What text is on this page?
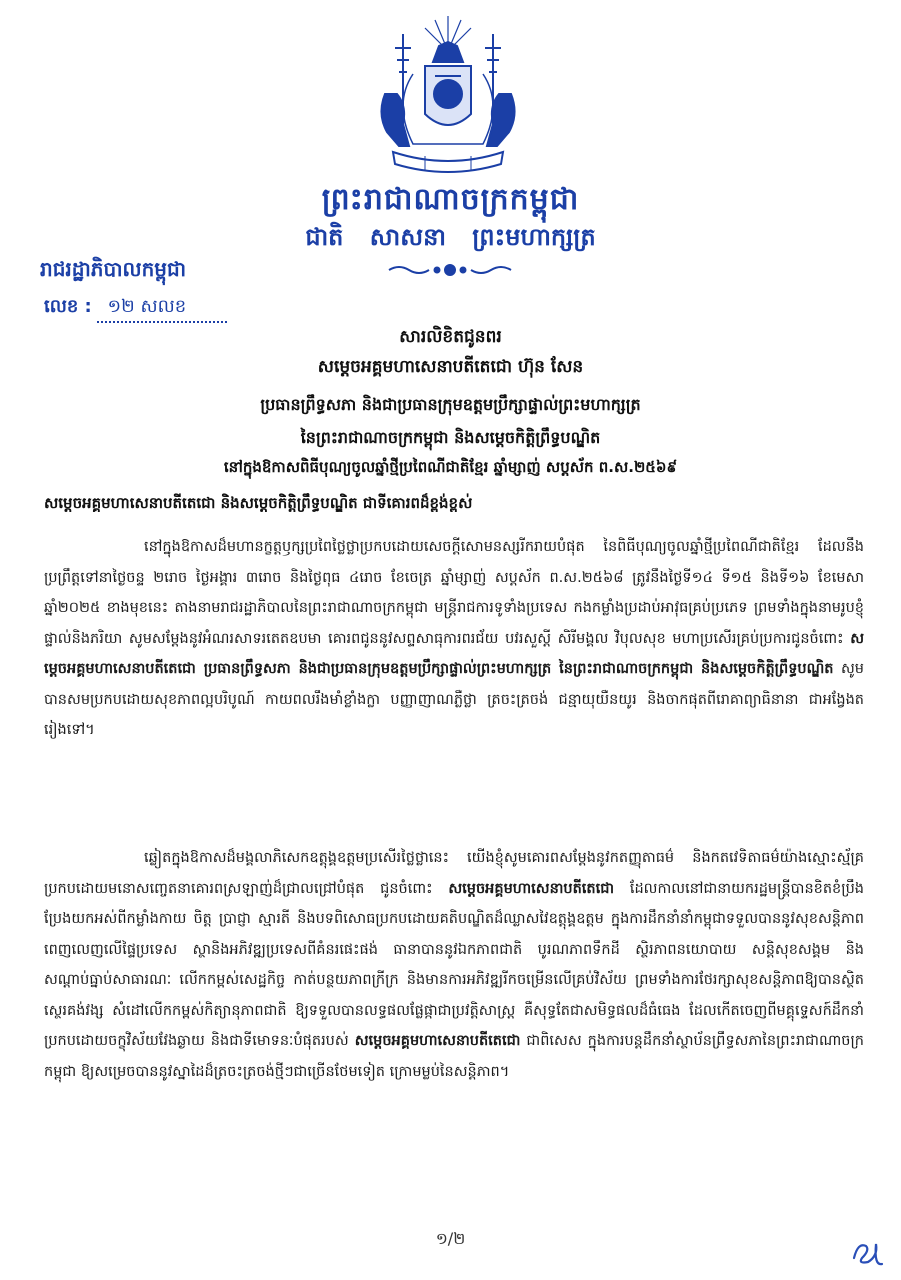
ព្រះរាជាណាចក្រកម្ពុជា
ជាតិ សាសនា ព្រះមហាក្សត្រ
រាជរដ្ឋាភិបាលកម្ពុជា
លេខ : ១២ សលខ
សារលិខិតជូនពរ
សម្តេចអគ្គមហាសេនាបតីតេជោ ហ៊ុន សែន
ប្រធានព្រឹទ្ធសភា និងជាប្រធានក្រុមឧត្តមប្រឹក្សាផ្ទាល់ព្រះមហាក្សត្រ
នៃព្រះរាជាណាចក្រកម្ពុជា និងសម្តេចកិត្តិព្រឹទ្ធបណ្ឌិត
នៅក្នុងឱកាសពិធីបុណ្យចូលឆ្នាំថ្មីប្រពៃណីជាតិខ្មែរ ឆ្នាំម្សាញ់ សប្តស័ក ព.ស.២៥៦៩
សម្តេចអគ្គមហាសេនាបតីតេជោ និងសម្តេចកិត្តិព្រឹទ្ធបណ្ឌិត ជាទីគោរពដ៏ខ្ពង់ខ្ពស់
នៅក្នុងឱកាសដ៏មហានក្ខត្តឫក្សប្រពៃថ្លៃថ្លាប្រកបដោយសេចក្តីសោមនស្សរីករាយបំផុត នៃពិធីបុណ្យចូលឆ្នាំថ្មីប្រពៃណីជាតិខ្មែរ ដែលនឹងប្រព្រឹត្តទៅនាថ្ងៃចន្ទ ២រោច ថ្ងៃអង្គារ ៣រោច និងថ្ងៃពុធ ៤រោច ខែចេត្រ ឆ្នាំម្សាញ់ សប្តស័ក ព.ស.២៥៦៨ ត្រូវនឹងថ្ងៃទី១៤ ទី១៥ និងទី១៦ ខែមេសា ឆ្នាំ២០២៥ ខាងមុខនេះ តាងនាមរាជរដ្ឋាភិបាលនៃព្រះរាជាណាចក្រកម្ពុជា មន្ត្រីរាជការទូទាំងប្រទេស កងកម្លាំងប្រដាប់អាវុធគ្រប់ប្រភេទ ព្រមទាំងក្នុងនាមរូបខ្ញុំផ្ទាល់និងភរិយា សូមសម្តែងនូវអំណរសាទរតេតឧបមា គោរពជូននូវសព្ទសាធុការពរជ័យ បវរសួស្តី សិរីមង្គល វិបុលសុខ មហាប្រសើរគ្រប់ប្រការជូនចំពោះ សម្តេចអគ្គមហាសេនាបតីតេជោ ប្រធានព្រឹទ្ធសភា និងជាប្រធានក្រុមឧត្តមប្រឹក្សាផ្ទាល់ព្រះមហាក្សត្រ នៃព្រះរាជាណាចក្រកម្ពុជា និងសម្តេចកិត្តិព្រឹទ្ធបណ្ឌិត សូមបានសមប្រកបដោយសុខភាពល្អបរិបូណ៍ កាយពលរឹងមាំខ្លាំងក្លា បញ្ញាញាណភ្លឺថ្លា ត្រចះត្រចង់ ជន្មាយុយឺនយូរ និងចាកផុតពីរោគាព្យាធិនានា ជាអង្វែងតរៀងទៅ។
ឆ្លៀតក្នុងឱកាសដ៏មង្គលាភិសេកឧត្តុង្គឧត្តមប្រសើរថ្លៃថ្លានេះ យើងខ្ញុំសូមគោរពសម្តែងនូវកតញ្ញុតាធម៌ និងកតវេទិតាធម៌យ៉ាងស្មោះស្ម័គ្រ ប្រកបដោយមនោសញ្ចេតនាគោរពស្រឡាញ់ដ៏ជ្រាលជ្រៅបំផុត ជូនចំពោះ សម្តេចអគ្គមហាសេនាបតីតេជោ ដែលកាលនៅជានាយករដ្ឋមន្ត្រីបានខិតខំប្រឹងប្រែងយកអស់ពីកម្លាំងកាយ ចិត្ត ប្រាជ្ញា ស្មារតី និងបទពិសោធប្រកបដោយគតិបណ្ឌិតដ៏ឈ្លាសវៃឧត្តុង្គឧត្តម ក្នុងការដឹកនាំនាំកម្ពុជាទទួលបាននូវសុខសន្តិភាពពេញលេញលើផ្ទៃប្រទេស ស្ថានិងអភិវឌ្ឍប្រទេសពីគំនរផេះផង់ ធានាបាននូវឯកភាពជាតិ បូរណភាពទឹកដី ស្ថិរភាពនយោបាយ សន្តិសុខសង្គម និងសណ្តាប់ធ្នាប់សាធារណៈ លើកកម្ពស់សេដ្ឋកិច្ច កាត់បន្ថយភាពក្រីក្រ និងមានការអភិវឌ្ឍរីកចម្រើនលើគ្រប់វិស័យ ព្រមទាំងការថែរក្សាសុខសន្តិភាពឱ្យបានស្ថិតស្ថេរគង់វង្ស សំដៅលើកកម្ពស់កិត្យានុភាពជាតិ ឱ្យទទួលបានលទ្ធផលផ្លែផ្កាជាប្រវត្តិសាស្ត្រ គឺសុទ្ធតែជាសមិទ្ធផលដ៏ធំធេង ដែលកើតចេញពីមគ្គុទ្ទេសក៍ដឹកនាំប្រកបដោយចក្ខុវិស័យវែងឆ្ងាយ និងជាទីមោទនៈបំផុតរបស់ សម្តេចអគ្គមហាសេនាបតីតេជោ ជាពិសេស ក្នុងការបន្តដឹកនាំស្ថាប័នព្រឹទ្ធសភានៃព្រះរាជាណាចក្រកម្ពុជា ឱ្យសម្រេចបាននូវស្នាដៃដ៏ត្រចះត្រចង់ថ្មីៗជាច្រើនថែមទៀត ក្រោមម្លប់នៃសន្តិភាព។
១/២
